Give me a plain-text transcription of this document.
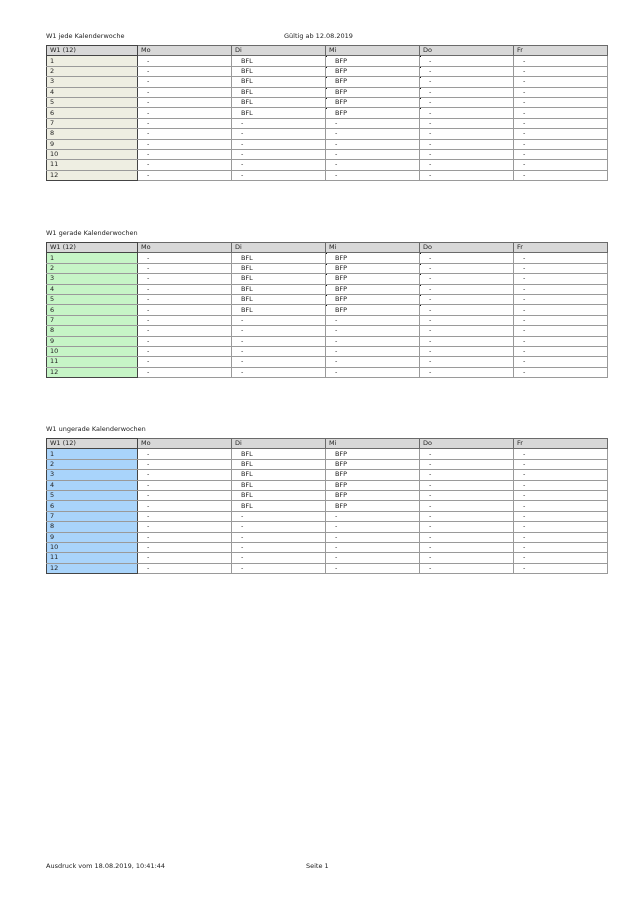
W1 jede Kalenderwoche	Gültig ab 12.08.2019
W1 (12)	Mo	Di	Mi	Do	Fr
1	-	BFL	BFP	-	-
2	-	BFL	BFP	-	-
3	-	BFL	BFP	-	-
4	-	BFL	BFP	-	-
5	-	BFL	BFP	-	-
6	-	BFL	BFP	-	-
7	-	-	-	-	-
8	-	-	-	-	-
9	-	-	-	-	-
10	-	-	-	-	-
11	-	-	-	-	-
12	-	-	-	-	-
W1 gerade Kalenderwochen
W1 (12)	Mo	Di	Mi	Do	Fr
1	-	BFL	BFP	-	-
2	-	BFL	BFP	-	-
3	-	BFL	BFP	-	-
4	-	BFL	BFP	-	-
5	-	BFL	BFP	-	-
6	-	BFL	BFP	-	-
7	-	-	-	-	-
8	-	-	-	-	-
9	-	-	-	-	-
10	-	-	-	-	-
11	-	-	-	-	-
12	-	-	-	-	-
W1 ungerade Kalenderwochen
W1 (12)	Mo	Di	Mi	Do	Fr
1	-	BFL	BFP	-	-
2	-	BFL	BFP	-	-
3	-	BFL	BFP	-	-
4	-	BFL	BFP	-	-
5	-	BFL	BFP	-	-
6	-	BFL	BFP	-	-
7	-	-	-	-	-
8	-	-	-	-	-
9	-	-	-	-	-
10	-	-	-	-	-
11	-	-	-	-	-
12	-	-	-	-	-
Ausdruck vom 18.08.2019, 10:41:44	Seite 1
